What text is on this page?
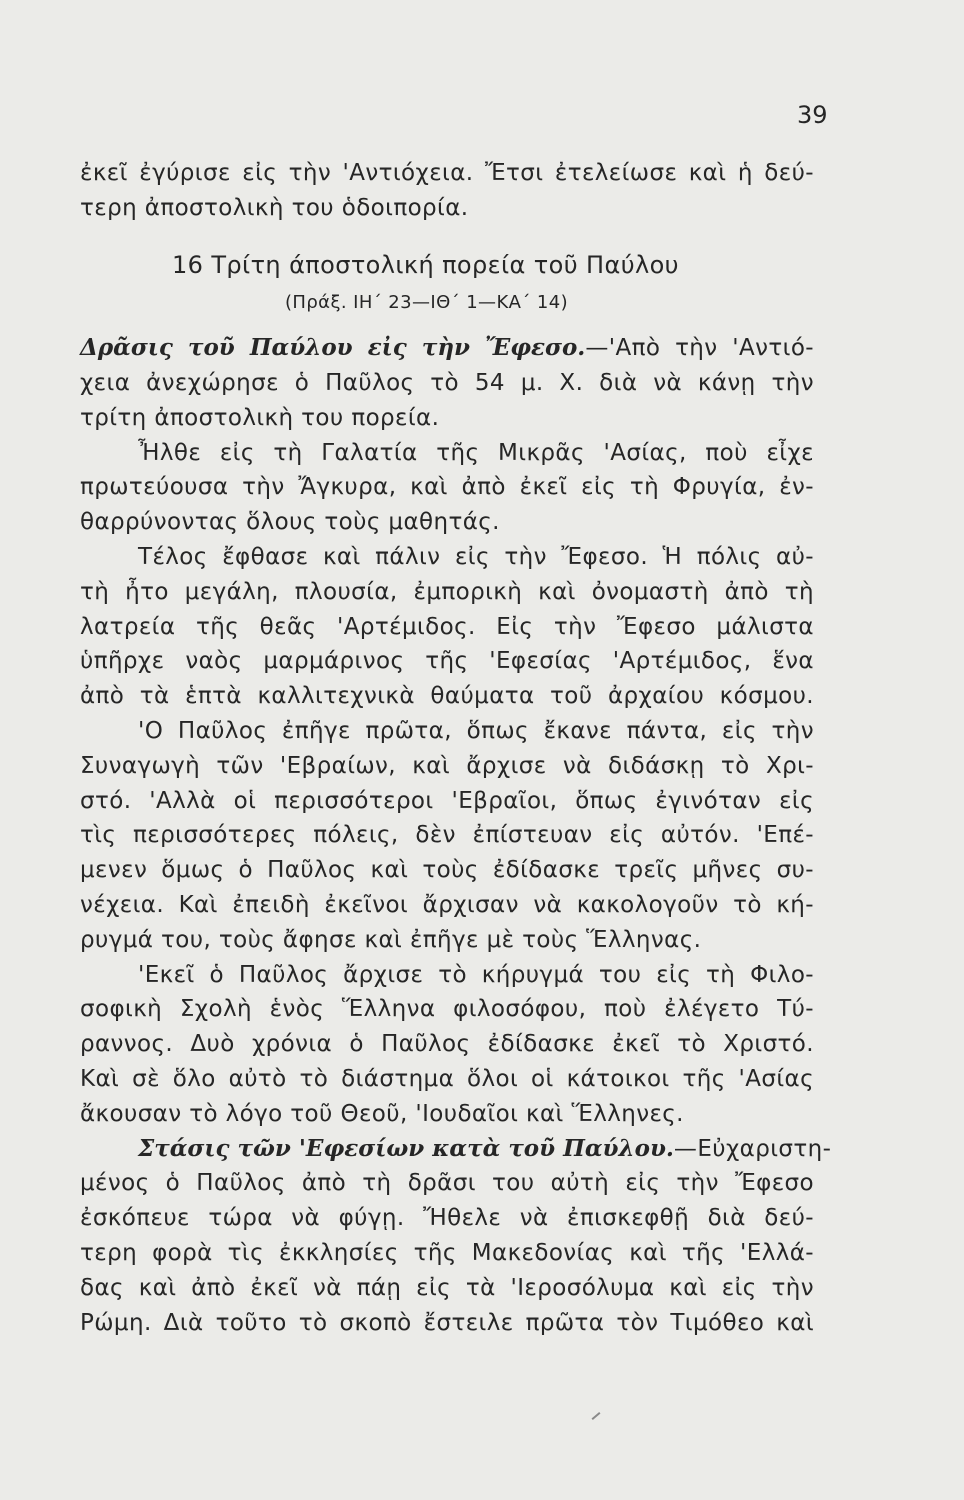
39
ἐκεῖ ἐγύρισε εἰς τὴν 'Αντιόχεια. Ἔτσι ἐτελείωσε καὶ ἡ δεύ-
τερη ἀποστολικὴ του ὁδοιπορία.
16 Τρίτη άποστολική πορεία τοῦ Παύλου
(Πράξ. ΙΗ΄ 23—ΙΘ΄ 1—ΚΑ΄ 14)
Δρᾶσις τοῦ Παύλου εἰς τὴν Ἔφεσο.—'Απὸ τὴν 'Αντιό-
χεια ἀνεχώρησε ὁ Παῦλος τὸ 54 μ. Χ. διὰ νὰ κάνῃ τὴν
τρίτη ἀποστολικὴ του πορεία.
Ἦλθε εἰς τὴ Γαλατία τῆς Μικρᾶς 'Ασίας, ποὺ εἶχε
πρωτεύουσα τὴν Ἄγκυρα, καὶ ἀπὸ ἐκεῖ εἰς τὴ Φρυγία, ἐν-
θαρρύνοντας ὅλους τοὺς μαθητάς.
Τέλος ἔφθασε καὶ πάλιν εἰς τὴν Ἔφεσο. Ἡ πόλις αὐ-
τὴ ἦτο μεγάλη, πλουσία, ἐμπορικὴ καὶ ὀνομαστὴ ἀπὸ τὴ
λατρεία τῆς θεᾶς 'Αρτέμιδος. Εἰς τὴν Ἔφεσο μάλιστα
ὑπῆρχε ναὸς μαρμάρινος τῆς 'Εφεσίας 'Αρτέμιδος, ἕνα
ἀπὸ τὰ ἑπτὰ καλλιτεχνικὰ θαύματα τοῦ ἀρχαίου κόσμου.
'Ο Παῦλος ἐπῆγε πρῶτα, ὅπως ἔκανε πάντα, εἰς τὴν
Συναγωγὴ τῶν 'Εβραίων, καὶ ἄρχισε νὰ διδάσκῃ τὸ Χρι-
στό. 'Αλλὰ οἱ περισσότεροι 'Εβραῖοι, ὅπως ἐγινόταν εἰς
τὶς περισσότερες πόλεις, δὲν ἐπίστευαν εἰς αὐτόν. 'Επέ-
μενεν ὅμως ὁ Παῦλος καὶ τοὺς ἐδίδασκε τρεῖς μῆνες συ-
νέχεια. Καὶ ἐπειδὴ ἐκεῖνοι ἄρχισαν νὰ κακολογοῦν τὸ κή-
ρυγμά του, τοὺς ἄφησε καὶ ἐπῆγε μὲ τοὺς Ἕλληνας.
'Εκεῖ ὁ Παῦλος ἄρχισε τὸ κήρυγμά του εἰς τὴ Φιλο-
σοφικὴ Σχολὴ ἑνὸς Ἕλληνα φιλοσόφου, ποὺ ἐλέγετο Τύ-
ραννος. Δυὸ χρόνια ὁ Παῦλος ἐδίδασκε ἐκεῖ τὸ Χριστό.
Καὶ σὲ ὅλο αὐτὸ τὸ διάστημα ὅλοι οἱ κάτοικοι τῆς 'Ασίας
ἄκουσαν τὸ λόγο τοῦ Θεοῦ, 'Ιουδαῖοι καὶ Ἕλληνες.
Στάσις τῶν 'Εφεσίων κατὰ τοῦ Παύλου.—Εὐχαριστη-
μένος ὁ Παῦλος ἀπὸ τὴ δρᾶσι του αὐτὴ εἰς τὴν Ἔφεσο
ἐσκόπευε τώρα νὰ φύγῃ. Ἤθελε νὰ ἐπισκεφθῇ διὰ δεύ-
τερη φορὰ τὶς ἐκκλησίες τῆς Μακεδονίας καὶ τῆς 'Ελλά-
δας καὶ ἀπὸ ἐκεῖ νὰ πάῃ εἰς τὰ 'Ιεροσόλυμα καὶ εἰς τὴν
Ρώμη. Διὰ τοῦτο τὸ σκοπὸ ἔστειλε πρῶτα τὸν Τιμόθεο καὶ
